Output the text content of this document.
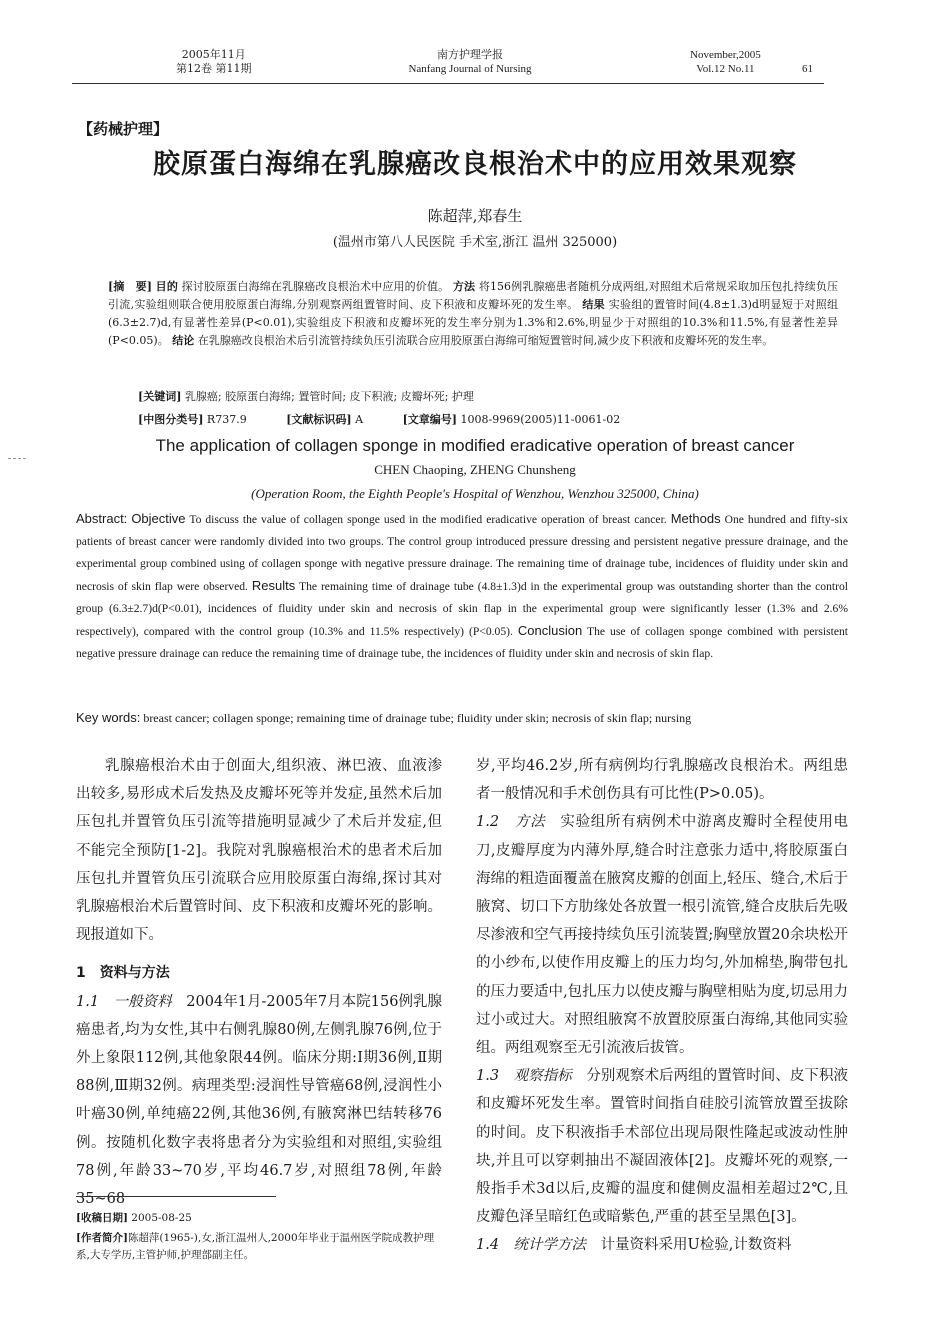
2005年11月
第12卷 第11期
南方护理学报
Nanfang Journal of Nursing
November,2005
Vol.12 No.11	61
【药械护理】
胶原蛋白海绵在乳腺癌改良根治术中的应用效果观察
陈超萍,郑春生
(温州市第八人民医院 手术室,浙江 温州 325000)
[摘　要] 目的 探讨胶原蛋白海绵在乳腺癌改良根治术中应用的价值。 方法 将156例乳腺癌患者随机分成两组,对照组术后常规采取加压包扎持续负压引流,实验组则联合使用胶原蛋白海绵,分别观察两组置管时间、皮下积液和皮瓣坏死的发生率。 结果 实验组的置管时间(4.8±1.3)d明显短于对照组(6.3±2.7)d,有显著性差异(P<0.01),实验组皮下积液和皮瓣坏死的发生率分别为1.3%和2.6%,明显少于对照组的10.3%和11.5%,有显著性差异(P<0.05)。 结论 在乳腺癌改良根治术后引流管持续负压引流联合应用胶原蛋白海绵可缩短置管时间,减少皮下积液和皮瓣坏死的发生率。
[关键词] 乳腺癌; 胶原蛋白海绵; 置管时间; 皮下积液; 皮瓣坏死; 护理
[中图分类号] R737.9	[文献标识码] A	[文章编号] 1008-9969(2005)11-0061-02
The application of collagen sponge in modified eradicative operation of breast cancer
CHEN Chaoping, ZHENG Chunsheng
(Operation Room, the Eighth People's Hospital of Wenzhou, Wenzhou 325000, China)
Abstract: Objective To discuss the value of collagen sponge used in the modified eradicative operation of breast cancer. Methods One hundred and fifty-six patients of breast cancer were randomly divided into two groups. The control group introduced pressure dressing and persistent negative pressure drainage, and the experimental group combined using of collagen sponge with negative pressure drainage. The remaining time of drainage tube, incidences of fluidity under skin and necrosis of skin flap were observed. Results The remaining time of drainage tube (4.8±1.3)d in the experimental group was outstanding shorter than the control group (6.3±2.7)d(P<0.01), incidences of fluidity under skin and necrosis of skin flap in the experimental group were significantly lesser (1.3% and 2.6% respectively), compared with the control group (10.3% and 11.5% respectively) (P<0.05). Conclusion The use of collagen sponge combined with persistent negative pressure drainage can reduce the remaining time of drainage tube, the incidences of fluidity under skin and necrosis of skin flap.
Key words: breast cancer; collagen sponge; remaining time of drainage tube; fluidity under skin; necrosis of skin flap; nursing

乳腺癌根治术由于创面大,组织液、淋巴液、血液渗出较多,易形成术后发热及皮瓣坏死等并发症,虽然术后加压包扎并置管负压引流等措施明显减少了术后并发症,但不能完全预防[1-2]。我院对乳腺癌根治术的患者术后加压包扎并置管负压引流联合应用胶原蛋白海绵,探讨其对乳腺癌根治术后置管时间、皮下积液和皮瓣坏死的影响。现报道如下。

1　资料与方法

1.1　一般资料　 2004年1月-2005年7月本院156例乳腺癌患者,均为女性,其中右侧乳腺80例,左侧乳腺76例,位于外上象限112例,其他象限44例。临床分期:Ⅰ期36例,Ⅱ期88例,Ⅲ期32例。病理类型:浸润性导管癌68例,浸润性小叶癌30例,单纯癌22例,其他36例,有腋窝淋巴结转移76例。按随机化数字表将患者分为实验组和对照组,实验组78例,年龄33~70岁,平均46.7岁,对照组78例,年龄35~68

[收稿日期] 2005-08-25
[作者简介]陈超萍(1965-),女,浙江温州人,2000年毕业于温州医学院成教护理系,大专学历,主管护师,护理部副主任。

岁,平均46.2岁,所有病例均行乳腺癌改良根治术。两组患者一般情况和手术创伤具有可比性(P>0.05)。

1.2　方法　 实验组所有病例术中游离皮瓣时全程使用电刀,皮瓣厚度为内薄外厚,缝合时注意张力适中,将胶原蛋白海绵的粗造面覆盖在腋窝皮瓣的创面上,轻压、缝合,术后于腋窝、切口下方肋缘处各放置一根引流管,缝合皮肤后先吸尽渗液和空气再接持续负压引流装置;胸壁放置20余块松开的小纱布,以使作用皮瓣上的压力均匀,外加棉垫,胸带包扎的压力要适中,包扎压力以使皮瓣与胸壁相贴为度,切忌用力过小或过大。对照组腋窝不放置胶原蛋白海绵,其他同实验组。两组观察至无引流液后拔管。

1.3　观察指标　 分别观察术后两组的置管时间、皮下积液和皮瓣坏死发生率。置管时间指自硅胶引流管放置至拔除的时间。皮下积液指手术部位出现局限性隆起或波动性肿块,并且可以穿刺抽出不凝固液体[2]。皮瓣坏死的观察,一般指手术3d以后,皮瓣的温度和健侧皮温相差超过2℃,且皮瓣色泽呈暗红色或暗紫色,严重的甚至呈黑色[3]。

1.4　统计学方法　 计量资料采用U检验,计数资料
